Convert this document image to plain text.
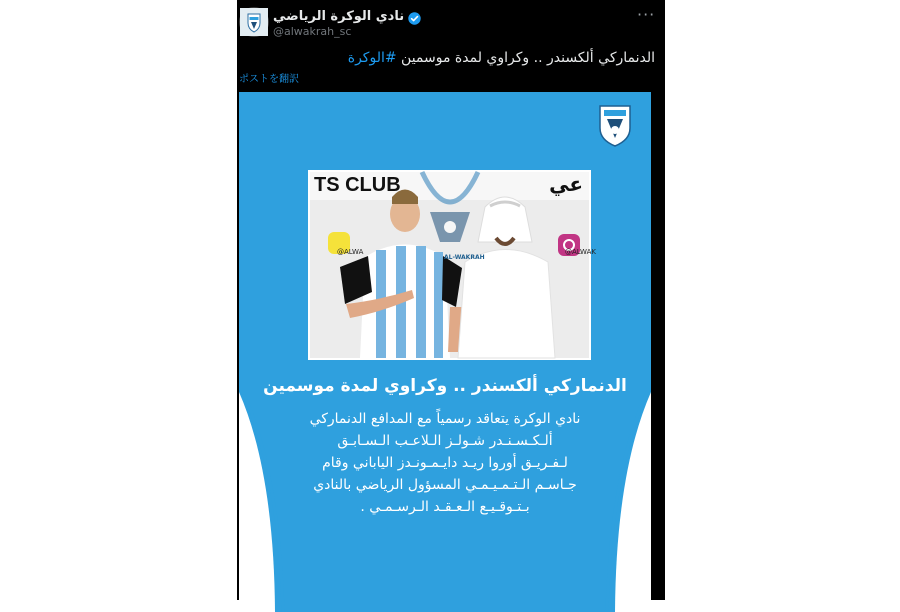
نادي الوكرة الرياضي
@alwakrah_sc
···
الدنماركي ألكسندر .. وكراوي لمدة موسمين #الوكرة
ポストを翻訳
TS CLUB	عي
@ALWA	@ALWAK
AL-WAKRAH
الدنماركي ألكسندر .. وكراوي لمدة موسمين
نادي الوكرة يتعاقد رسمياً مع المدافع الدنماركي
ألـكـسـنـدر شـولـز الـلاعـب الـسـابـق
لـفـريـق أوروا ريـد دايـمـونـدز الياباني وقام
جـاسـم الـتـمـيـمـي المسؤول الرياضي بالنادي
بـتـوقـيـع الـعـقـد الـرسـمـي .
